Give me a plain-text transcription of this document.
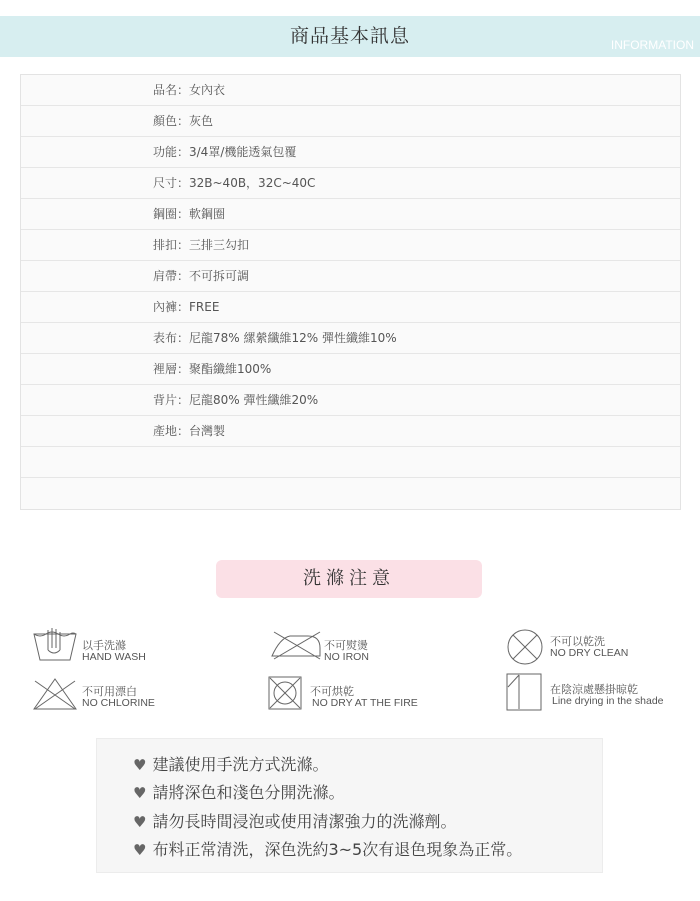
商品基本訊息	INFORMATION
品名：女內衣
顏色：灰色
功能：3/4罩/機能透氣包覆
尺寸：32B~40B，32C~40C
鋼圈：軟鋼圈
排扣：三排三勾扣
肩帶：不可拆可調
內褲：FREE
表布：尼龍78% 縲縈纖維12% 彈性纖維10%
裡層：聚酯纖維100%
背片：尼龍80% 彈性纖維20%
產地：台灣製
洗滌注意
以手洗滌
HAND WASH
不可熨燙
NO IRON
不可以乾洗
NO DRY CLEAN
不可用漂白
NO CHLORINE
不可烘乾
NO DRY AT THE FIRE
在陰涼處懸掛晾乾
Line drying in the shade
♥ 建議使用手洗方式洗滌。
♥ 請將深色和淺色分開洗滌。
♥ 請勿長時間浸泡或使用清潔強力的洗滌劑。
♥ 布料正常清洗，深色洗約3~5次有退色現象為正常。
